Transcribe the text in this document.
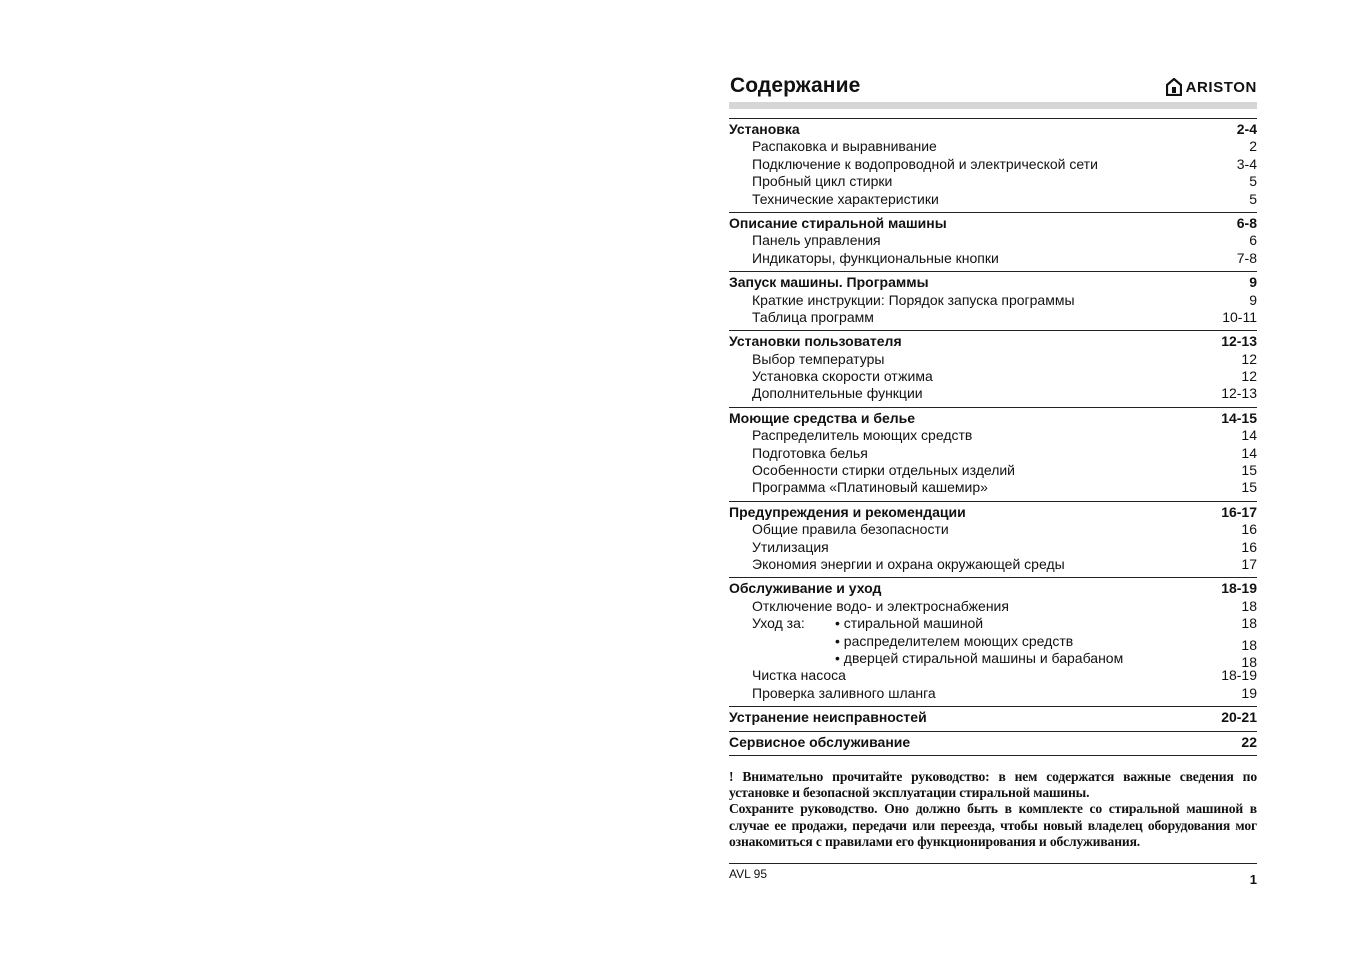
Содержание	ARISTON
Установка	2-4
Распаковка и выравнивание	2
Подключение к водопроводной и электрической сети	3-4
Пробный цикл стирки	5
Технические характеристики	5
Описание стиральной машины	6-8
Панель управления	6
Индикаторы, функциональные кнопки	7-8
Запуск машины. Программы	9
Краткие инструкции: Порядок запуска программы	9
Таблица программ	10-11
Установки пользователя	12-13
Выбор температуры	12
Установка скорости отжима	12
Дополнительные функции	12-13
Моющие средства и белье	14-15
Распределитель моющих средств	14
Подготовка белья	14
Особенности стирки отдельных изделий	15
Программа «Платиновый кашемир»	15
Предупреждения и рекомендации	16-17
Общие правила безопасности	16
Утилизация	16
Экономия энергии и охрана окружающей среды	17
Обслуживание и уход	18-19
Отключение водо- и электроснабжения	18
Уход за:	• стиральной машиной	18
• распределителем моющих средств	18
• дверцей стиральной машины и барабаном	18
Чистка насоса	18-19
Проверка заливного шланга	19
Устранение неисправностей	20-21
Сервисное обслуживание	22

! Внимательно прочитайте руководство: в нем содержатся важные сведения по установке и безопасной эксплуатации стиральной машины.

Сохраните руководство. Оно должно быть в комплекте со стиральной машиной в случае ее продажи, передачи или переезда, чтобы новый владелец оборудования мог ознакомиться с правилами его функционирования и обслуживания.

AVL 95	1
